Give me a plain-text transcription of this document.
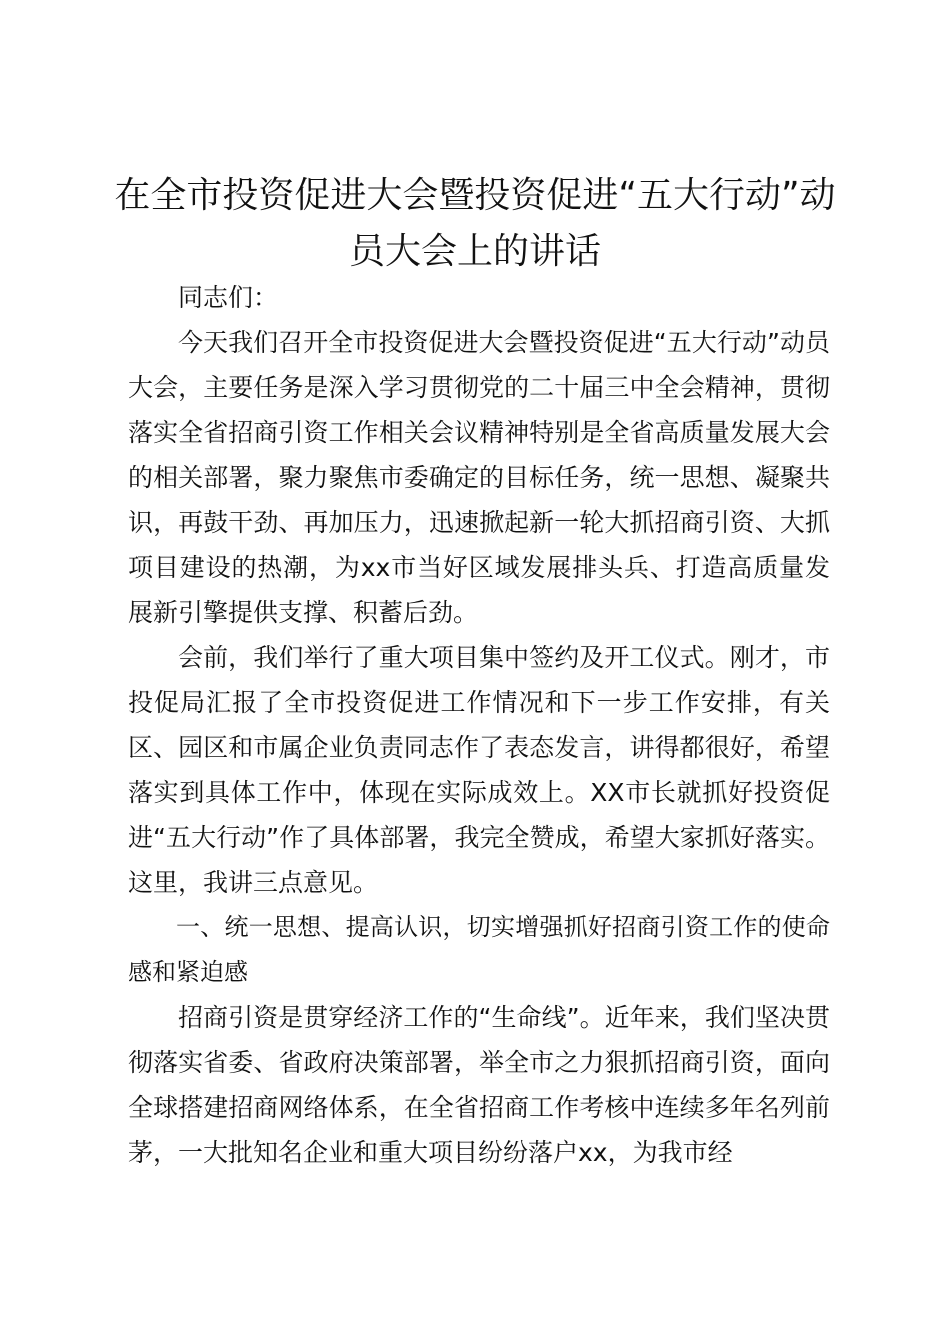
在全市投资促进大会暨投资促进“五大行动”动员大会上的讲话

同志们：

今天我们召开全市投资促进大会暨投资促进“五大行动”动员大会，主要任务是深入学习贯彻党的二十届三中全会精神，贯彻落实全省招商引资工作相关会议精神特别是全省高质量发展大会的相关部署，聚力聚焦市委确定的目标任务，统一思想、凝聚共识，再鼓干劲、再加压力，迅速掀起新一轮大抓招商引资、大抓项目建设的热潮，为xx市当好区域发展排头兵、打造高质量发展新引擎提供支撑、积蓄后劲。

会前，我们举行了重大项目集中签约及开工仪式。刚才，市投促局汇报了全市投资促进工作情况和下一步工作安排，有关区、园区和市属企业负责同志作了表态发言，讲得都很好，希望落实到具体工作中，体现在实际成效上。XX市长就抓好投资促进“五大行动”作了具体部署，我完全赞成，希望大家抓好落实。这里，我讲三点意见。

一、统一思想、提高认识，切实增强抓好招商引资工作的使命感和紧迫感

招商引资是贯穿经济工作的“生命线”。近年来，我们坚决贯彻落实省委、省政府决策部署，举全市之力狠抓招商引资，面向全球搭建招商网络体系，在全省招商工作考核中连续多年名列前茅，一大批知名企业和重大项目纷纷落户xx，为我市经
